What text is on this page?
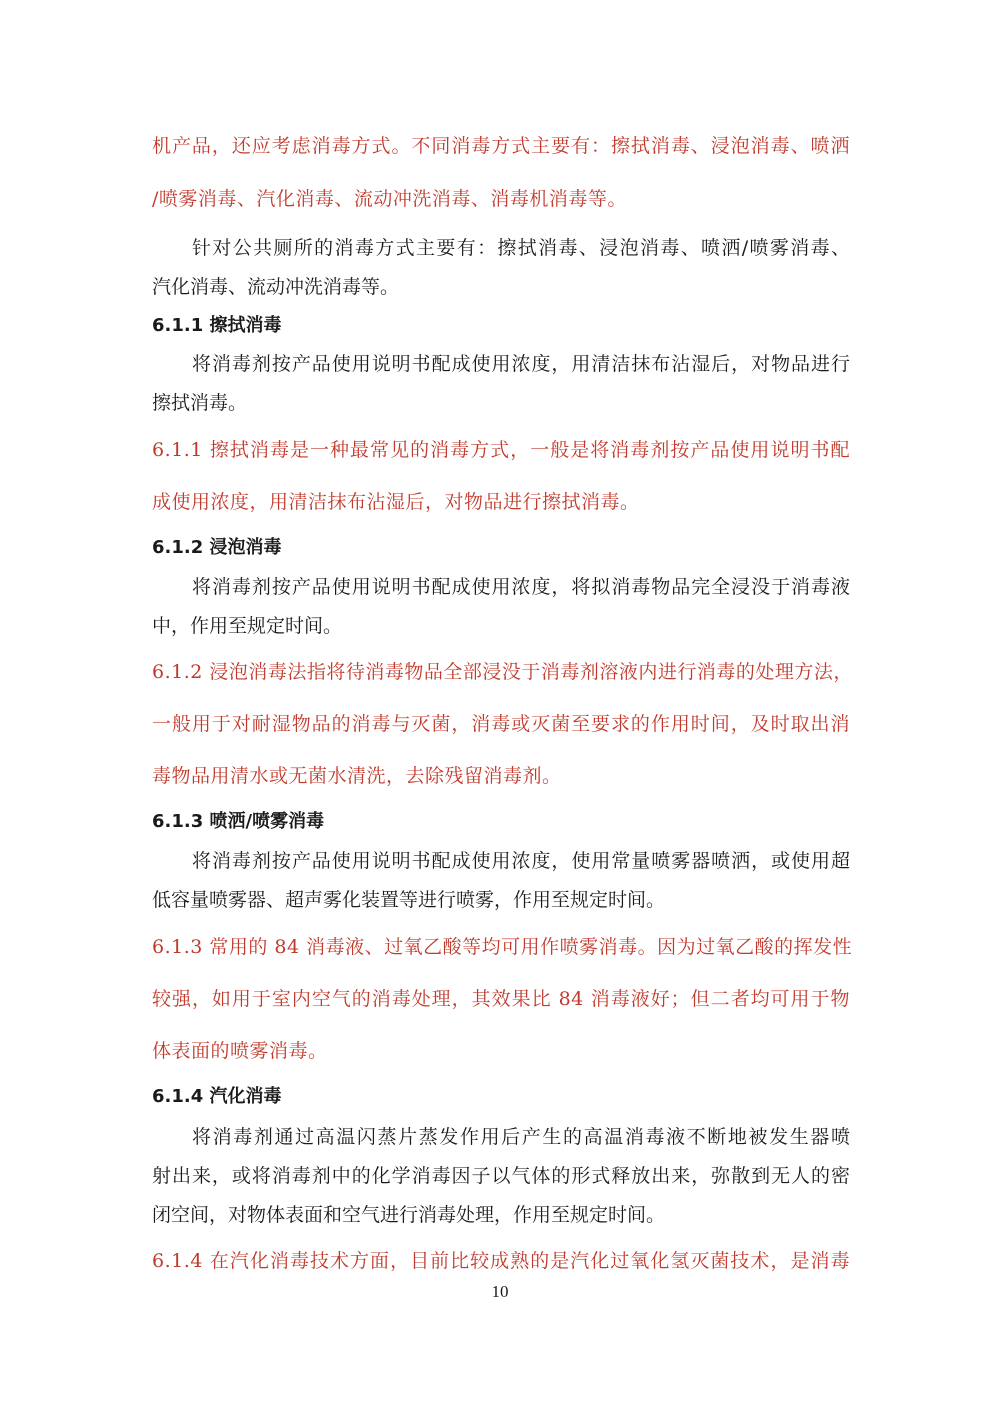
机产品，还应考虑消毒方式。不同消毒方式主要有：擦拭消毒、浸泡消毒、喷洒
/喷雾消毒、汽化消毒、流动冲洗消毒、消毒机消毒等。
针对公共厕所的消毒方式主要有：擦拭消毒、浸泡消毒、喷洒/喷雾消毒、
汽化消毒、流动冲洗消毒等。
6.1.1 擦拭消毒
将消毒剂按产品使用说明书配成使用浓度，用清洁抹布沾湿后，对物品进行
擦拭消毒。
6.1.1 擦拭消毒是一种最常见的消毒方式，一般是将消毒剂按产品使用说明书配
成使用浓度，用清洁抹布沾湿后，对物品进行擦拭消毒。
6.1.2 浸泡消毒
将消毒剂按产品使用说明书配成使用浓度，将拟消毒物品完全浸没于消毒液
中，作用至规定时间。
6.1.2 浸泡消毒法指将待消毒物品全部浸没于消毒剂溶液内进行消毒的处理方法，
一般用于对耐湿物品的消毒与灭菌，消毒或灭菌至要求的作用时间，及时取出消
毒物品用清水或无菌水清洗，去除残留消毒剂。
6.1.3 喷洒/喷雾消毒
将消毒剂按产品使用说明书配成使用浓度，使用常量喷雾器喷洒，或使用超
低容量喷雾器、超声雾化装置等进行喷雾，作用至规定时间。
6.1.3 常用的 84 消毒液、过氧乙酸等均可用作喷雾消毒。因为过氧乙酸的挥发性
较强，如用于室内空气的消毒处理，其效果比 84 消毒液好；但二者均可用于物
体表面的喷雾消毒。
6.1.4 汽化消毒
将消毒剂通过高温闪蒸片蒸发作用后产生的高温消毒液不断地被发生器喷
射出来，或将消毒剂中的化学消毒因子以气体的形式释放出来，弥散到无人的密
闭空间，对物体表面和空气进行消毒处理，作用至规定时间。
6.1.4 在汽化消毒技术方面，目前比较成熟的是汽化过氧化氢灭菌技术，是消毒
10
